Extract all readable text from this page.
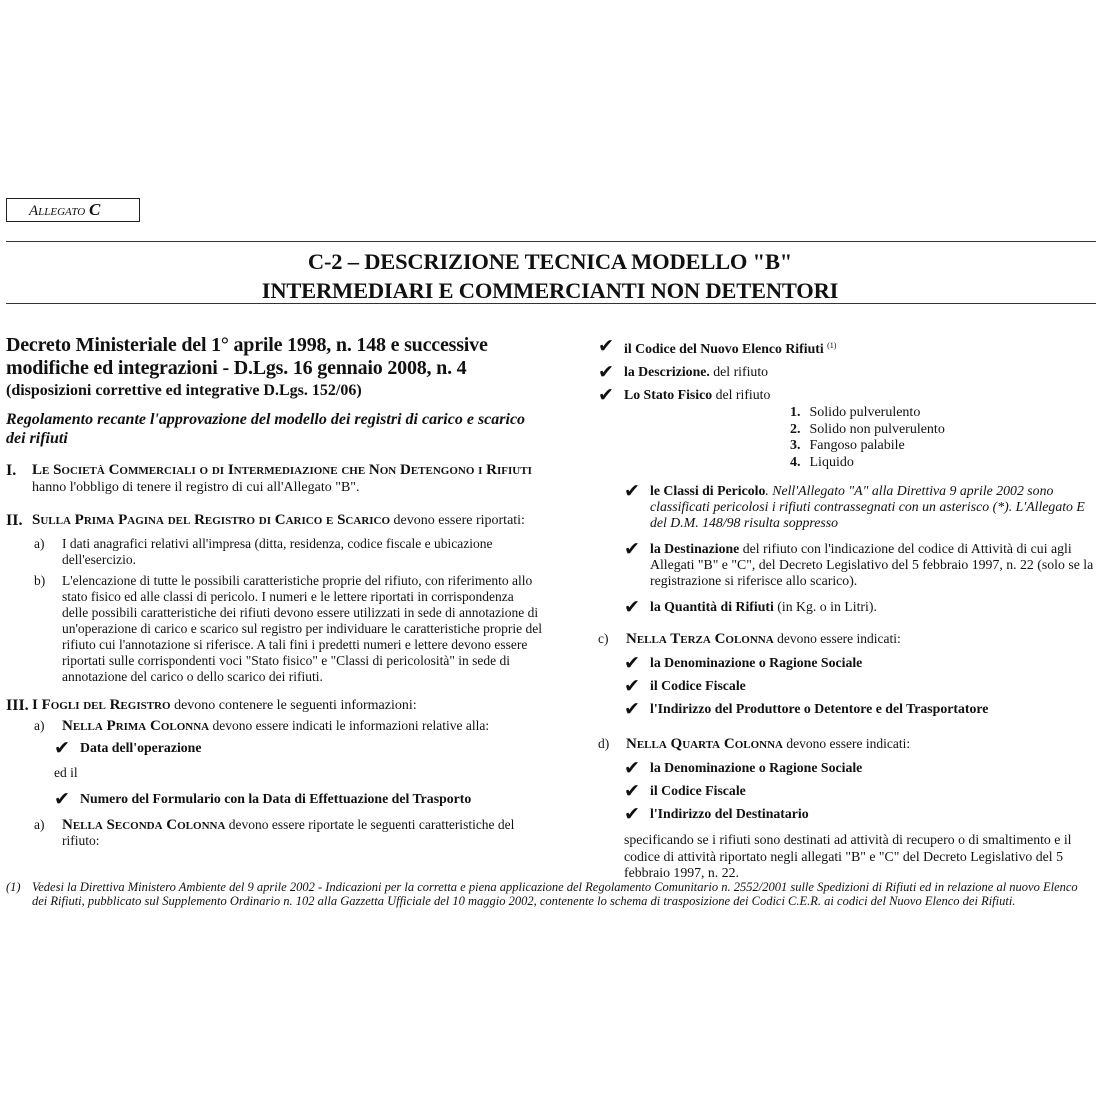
Allegato C
C-2 – DESCRIZIONE TECNICA MODELLO "B"
INTERMEDIARI E COMMERCIANTI NON DETENTORI
Decreto Ministeriale del 1° aprile 1998, n. 148 e successive
modifiche ed integrazioni - D.Lgs. 16 gennaio 2008, n. 4
(disposizioni correttive ed integrative D.Lgs. 152/06)
Regolamento recante l'approvazione del modello dei registri di carico e scarico dei rifiuti
I. Le Società Commerciali o di Intermediazione che Non Detengono i Rifiuti hanno l'obbligo di tenere il registro di cui all'Allegato "B".
II. Sulla Prima Pagina del Registro di Carico e Scarico devono essere riportati:
a) I dati anagrafici relativi all'impresa (ditta, residenza, codice fiscale e ubicazione dell'esercizio.
b) L'elencazione di tutte le possibili caratteristiche proprie del rifiuto, con riferimento allo stato fisico ed alle classi di pericolo. I numeri e le lettere riportati in corrispondenza delle possibili caratteristiche dei rifiuti devono essere utilizzati in sede di annotazione di un'operazione di carico e scarico sul registro per individuare le caratteristiche proprie del rifiuto cui l'annotazione si riferisce. A tali fini i predetti numeri e lettere devono essere riportati sulle corrispondenti voci "Stato fisico" e "Classi di pericolosità" in sede di annotazione del carico o dello scarico dei rifiuti.
III. I Fogli del Registro devono contenere le seguenti informazioni:
a) Nella Prima Colonna devono essere indicati le informazioni relative alla:
✔ Data dell'operazione
ed il
✔ Numero del Formulario con la Data di Effettuazione del Trasporto
a) Nella Seconda Colonna devono essere riportate le seguenti caratteristiche del rifiuto:
✔ il Codice del Nuovo Elenco Rifiuti $^{(1)}$
✔ la Descrizione. del rifiuto
✔ Lo Stato Fisico del rifiuto
1. Solido pulverulento
2. Solido non pulverulento
3. Fangoso palabile
4. Liquido
✔ le Classi di Pericolo. Nell'Allegato "A" alla Direttiva 9 aprile 2002 sono classificati pericolosi i rifiuti contrassegnati con un asterisco (*). L'Allegato E del D.M. 148/98 risulta soppresso
✔ la Destinazione del rifiuto con l'indicazione del codice di Attività di cui agli Allegati "B" e "C", del Decreto Legislativo del 5 febbraio 1997, n. 22 (solo se la registrazione si riferisce allo scarico).
✔ la Quantità di Rifiuti (in Kg. o in Litri).
c) Nella Terza Colonna devono essere indicati:
✔ la Denominazione o Ragione Sociale
✔ il Codice Fiscale
✔ l'Indirizzo del Produttore o Detentore e del Trasportatore
d) Nella Quarta Colonna devono essere indicati:
✔ la Denominazione o Ragione Sociale
✔ il Codice Fiscale
✔ l'Indirizzo del Destinatario
specificando se i rifiuti sono destinati ad attività di recupero o di smaltimento e il codice di attività riportato negli allegati "B" e "C" del Decreto Legislativo del 5 febbraio 1997, n. 22.
(1) Vedesi la Direttiva Ministero Ambiente del 9 aprile 2002 - Indicazioni per la corretta e piena applicazione del Regolamento Comunitario n. 2552/2001 sulle Spedizioni di Rifiuti ed in relazione al nuovo Elenco dei Rifiuti, pubblicato sul Supplemento Ordinario n. 102 alla Gazzetta Ufficiale del 10 maggio 2002, contenente lo schema di trasposizione dei Codici C.E.R. ai codici del Nuovo Elenco dei Rifiuti.
